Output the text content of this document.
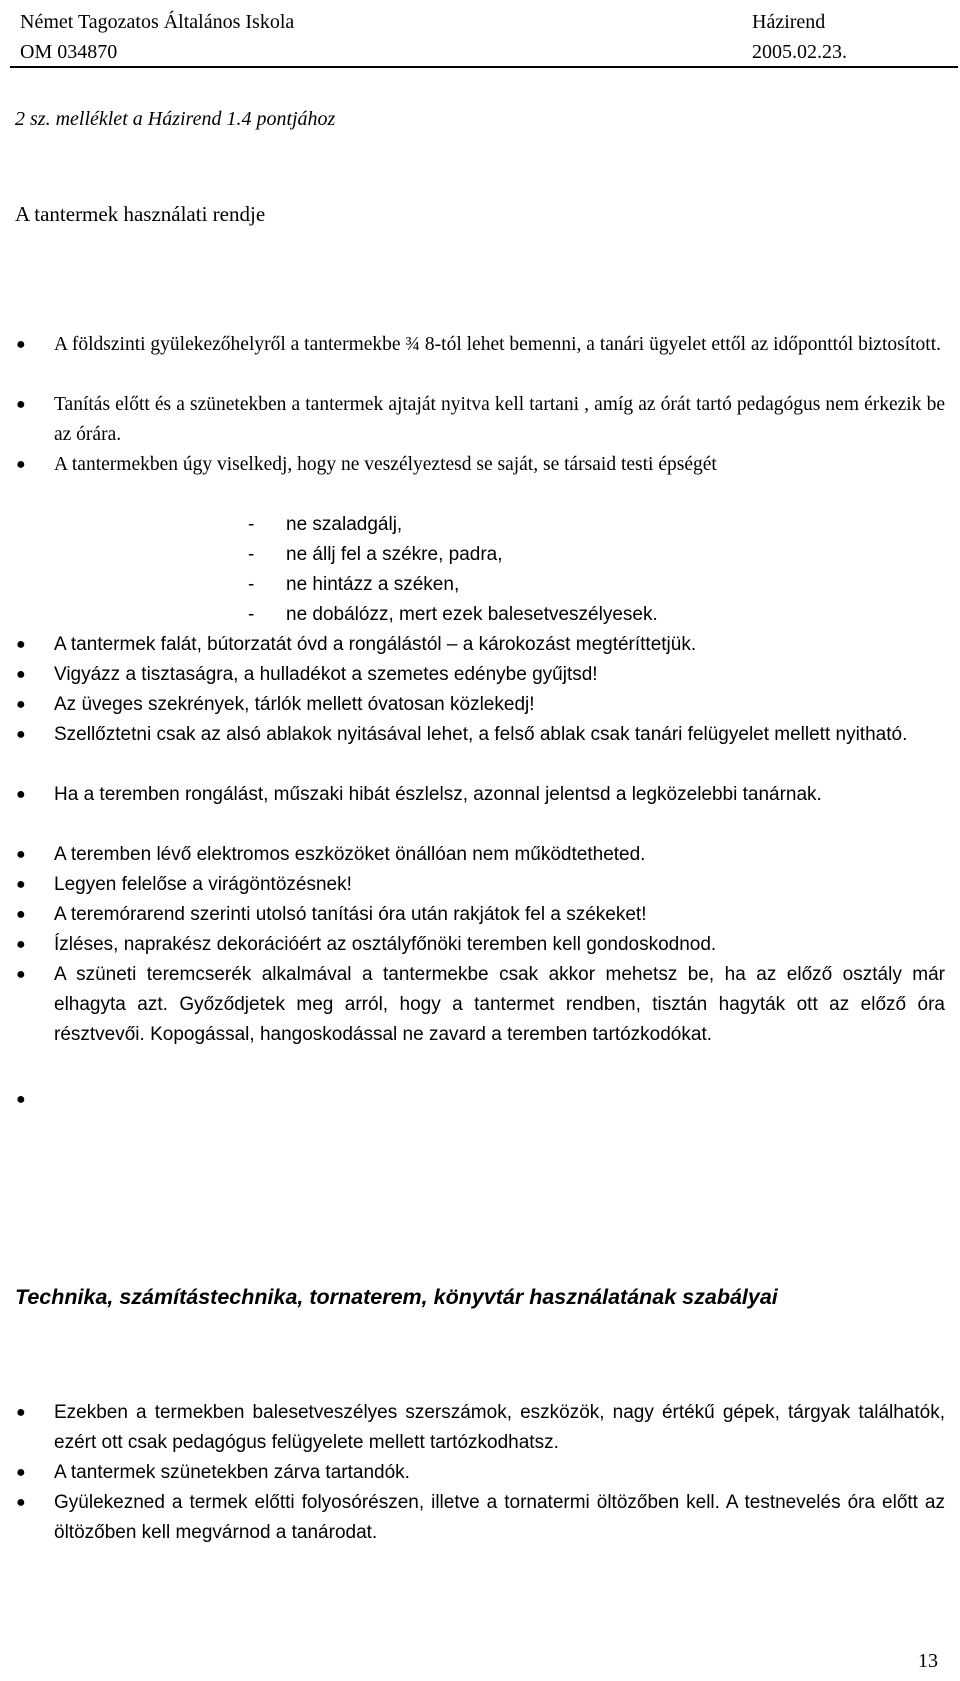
Német Tagozatos Általános Iskola	Házirend
OM 034870	2005.02.23.
2 sz. melléklet a Házirend 1.4 pontjához
A tantermek használati rendje
● A földszinti gyülekezőhelyről a tantermekbe ¾ 8-tól lehet bemenni, a tanári ügyelet ettől az időponttól biztosított.
● Tanítás előtt és a szünetekben a tantermek ajtaját nyitva kell tartani , amíg az órát tartó pedagógus nem érkezik be az órára.
● A tantermekben úgy viselkedj, hogy ne veszélyeztesd se saját, se társaid testi épségét
- ne szaladgálj,
- ne állj fel a székre, padra,
- ne hintázz a széken,
- ne dobálózz, mert ezek balesetveszélyesek.
● A tantermek falát, bútorzatát óvd a rongálástól – a károkozást megtéríttetjük.
● Vigyázz a tisztaságra, a hulladékot a szemetes edénybe gyűjtsd!
● Az üveges szekrények, tárlók mellett óvatosan közlekedj!
● Szellőztetni csak az alsó ablakok nyitásával lehet, a felső ablak csak tanári felügyelet mellett nyitható.
● Ha a teremben rongálást, műszaki hibát észlelsz, azonnal jelentsd a legközelebbi tanárnak.
● A teremben lévő elektromos eszközöket önállóan nem működtetheted.
● Legyen felelőse a virágöntözésnek!
● A teremórarend szerinti utolsó tanítási óra után rakjátok fel a székeket!
● Ízléses, naprakész dekorációért az osztályfőnöki teremben kell gondoskodnod.
● A szüneti teremcserék alkalmával a tantermekbe csak akkor mehetsz be, ha az előző osztály már elhagyta azt. Győződjetek meg arról, hogy a tantermet rendben, tisztán hagyták ott az előző óra résztvevői. Kopogással, hangoskodással ne zavard a teremben tartózkodókat.
●
Technika, számítástechnika, tornaterem, könyvtár használatának szabályai
● Ezekben a termekben balesetveszélyes szerszámok, eszközök, nagy értékű gépek, tárgyak találhatók, ezért ott csak pedagógus felügyelete mellett tartózkodhatsz.
● A tantermek szünetekben zárva tartandók.
● Gyülekezned a termek előtti folyosórészen, illetve a tornatermi öltözőben kell. A testnevelés óra előtt az öltözőben kell megvárnod a tanárodat.
13
